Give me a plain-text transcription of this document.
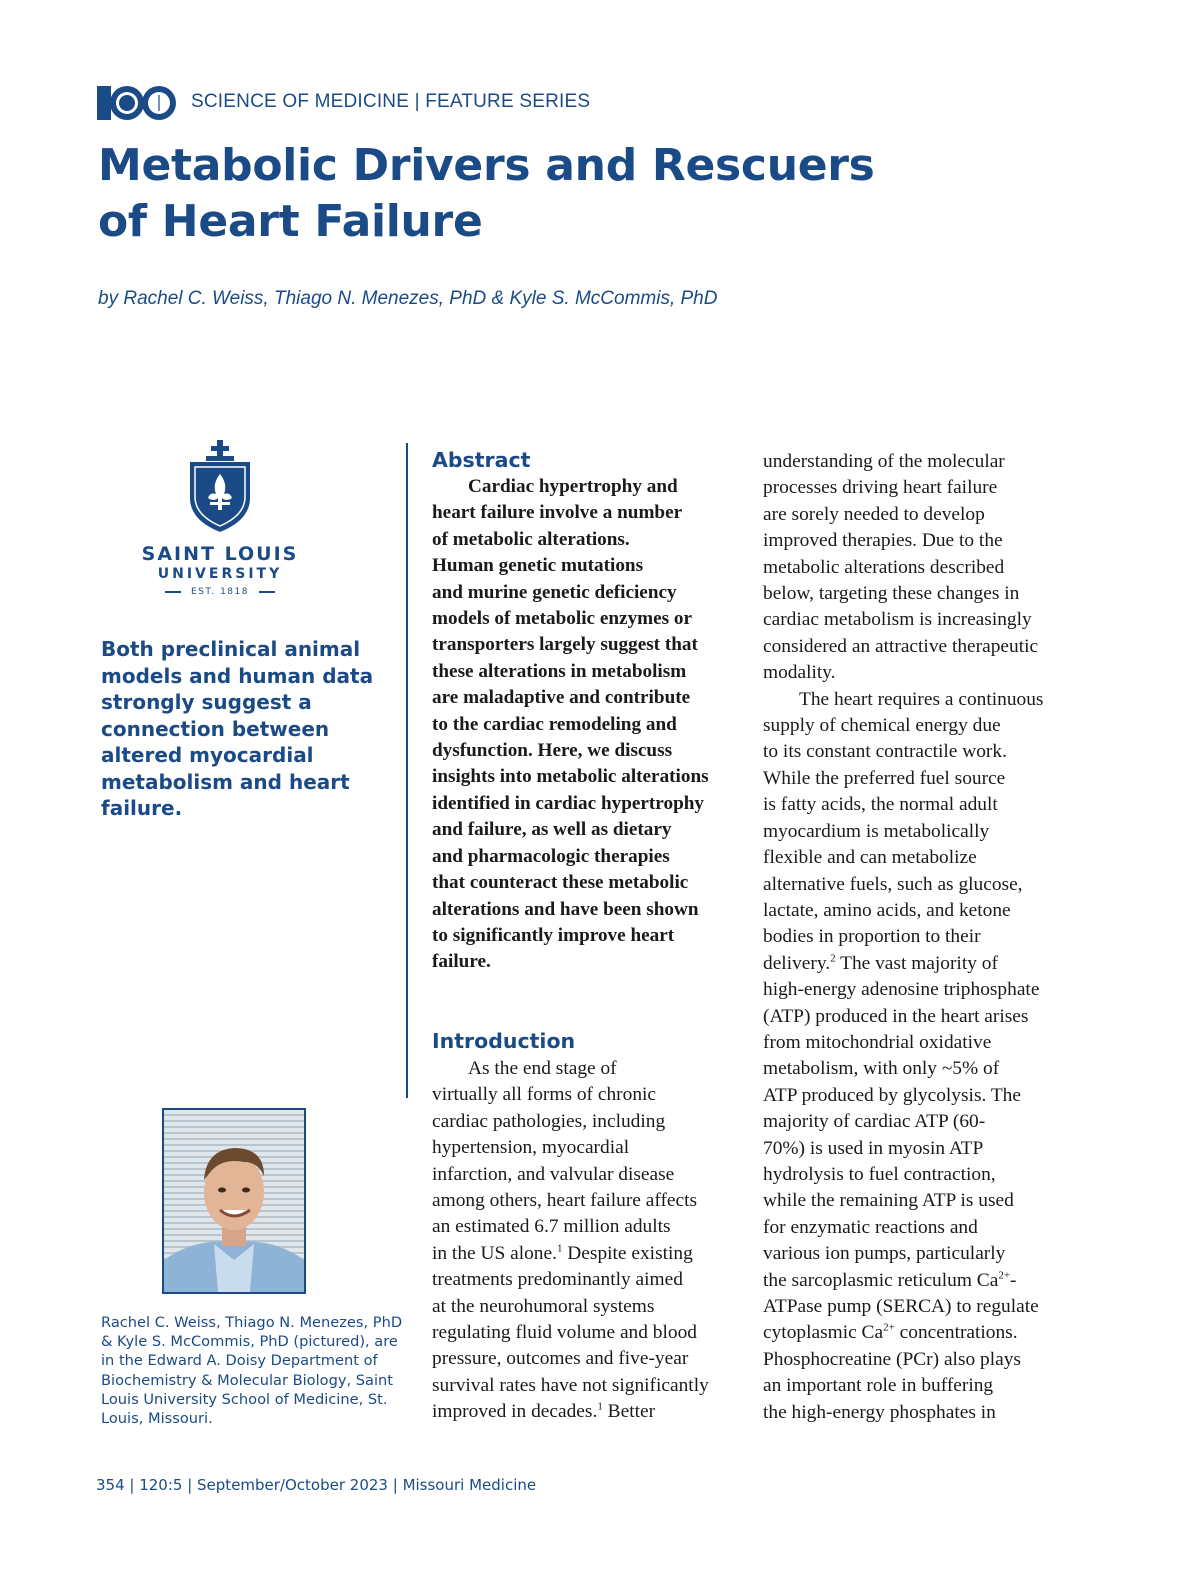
SCIENCE OF MEDICINE | FEATURE SERIES
Metabolic Drivers and Rescuers
of Heart Failure
by Rachel C. Weiss, Thiago N. Menezes, PhD & Kyle S. McCommis, PhD
SAINT LOUIS
UNIVERSITY
EST. 1818

Both preclinical animal models and human data strongly suggest a connection between altered myocardial metabolism and heart failure.

Rachel C. Weiss, Thiago N. Menezes, PhD & Kyle S. McCommis, PhD (pictured), are in the Edward A. Doisy Department of Biochemistry & Molecular Biology, Saint Louis University School of Medicine, St. Louis, Missouri.

Abstract

Cardiac hypertrophy and
heart failure involve a number
of metabolic alterations.
Human genetic mutations
and murine genetic deficiency
models of metabolic enzymes or
transporters largely suggest that
these alterations in metabolism
are maladaptive and contribute
to the cardiac remodeling and
dysfunction. Here, we discuss
insights into metabolic alterations
identified in cardiac hypertrophy
and failure, as well as dietary
and pharmacologic therapies
that counteract these metabolic
alterations and have been shown
to significantly improve heart
failure.

Introduction

As the end stage of
virtually all forms of chronic
cardiac pathologies, including
hypertension, myocardial
infarction, and valvular disease
among others, heart failure affects
an estimated 6.7 million adults
in the US alone.$^1$ Despite existing
treatments predominantly aimed
at the neurohumoral systems
regulating fluid volume and blood
pressure, outcomes and five-year
survival rates have not significantly
improved in decades.$^1$ Better

understanding of the molecular
processes driving heart failure
are sorely needed to develop
improved therapies. Due to the
metabolic alterations described
below, targeting these changes in
cardiac metabolism is increasingly
considered an attractive therapeutic
modality.
The heart requires a continuous
supply of chemical energy due
to its constant contractile work.
While the preferred fuel source
is fatty acids, the normal adult
myocardium is metabolically
flexible and can metabolize
alternative fuels, such as glucose,
lactate, amino acids, and ketone
bodies in proportion to their
delivery.$^2$ The vast majority of
high-energy adenosine triphosphate
(ATP) produced in the heart arises
from mitochondrial oxidative
metabolism, with only ~5% of
ATP produced by glycolysis. The
majority of cardiac ATP (60-
70%) is used in myosin ATP
hydrolysis to fuel contraction,
while the remaining ATP is used
for enzymatic reactions and
various ion pumps, particularly
the sarcoplasmic reticulum $Ca^{2+}-$
ATPase pump (SERCA) to regulate
cytoplasmic $Ca^{2+}$ concentrations.
Phosphocreatine (PCr) also plays
an important role in buffering
the high-energy phosphates in

354 | 120:5 | September/October 2023 | Missouri Medicine
